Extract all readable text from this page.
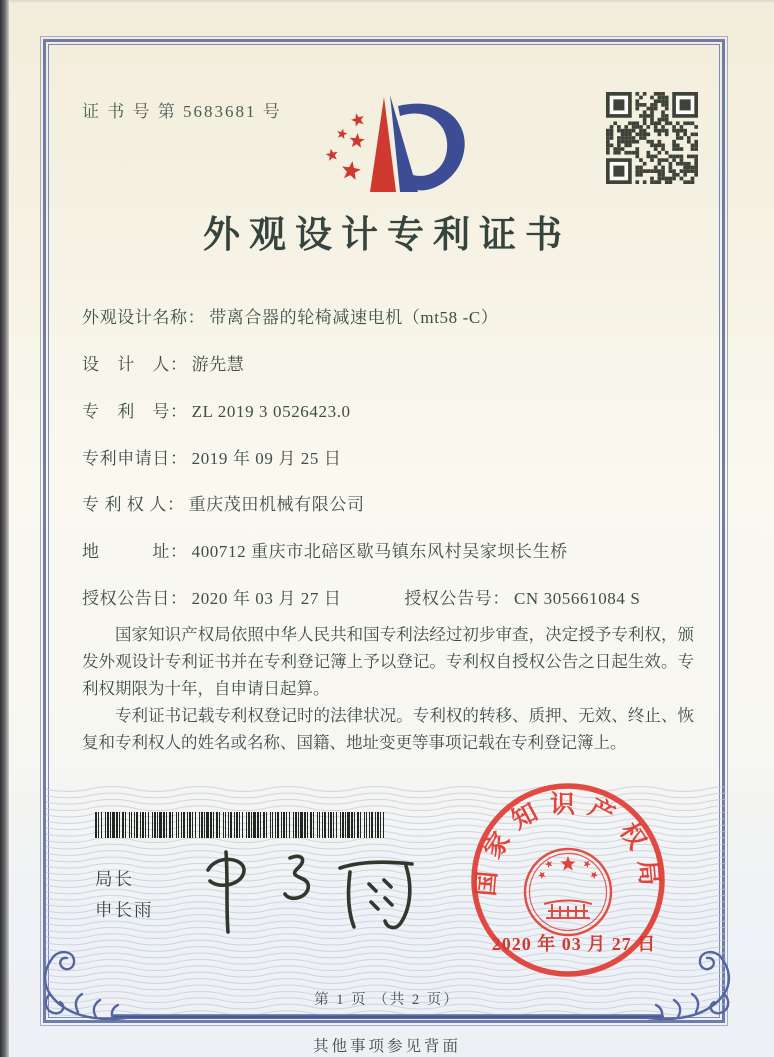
证 书 号 第 5683681 号
外观设计专利证书
外观设计名称： 带离合器的轮椅减速电机（mt58 -C）
设　计　人： 游先慧
专　利　号： ZL 2019 3 0526423.0
专利申请日： 2019 年 09 月 25 日
专 利 权 人： 重庆茂田机械有限公司
地　　　址： 400712 重庆市北碚区歇马镇东风村吴家坝长生桥
授权公告日： 2020 年 03 月 27 日	授权公告号： CN 305661084 S

国家知识产权局依照中华人民共和国专利法经过初步审查，决定授予专利权，颁发外观设计专利证书并在专利登记簿上予以登记。专利权自授权公告之日起生效。专利权期限为十年，自申请日起算。

专利证书记载专利权登记时的法律状况。专利权的转移、质押、无效、终止、恢复和专利权人的姓名或名称、国籍、地址变更等事项记载在专利登记簿上。

局长
申长雨
国家知识产权局
2020 年 03 月 27 日
第 1 页 （共 2 页）
其他事项参见背面
